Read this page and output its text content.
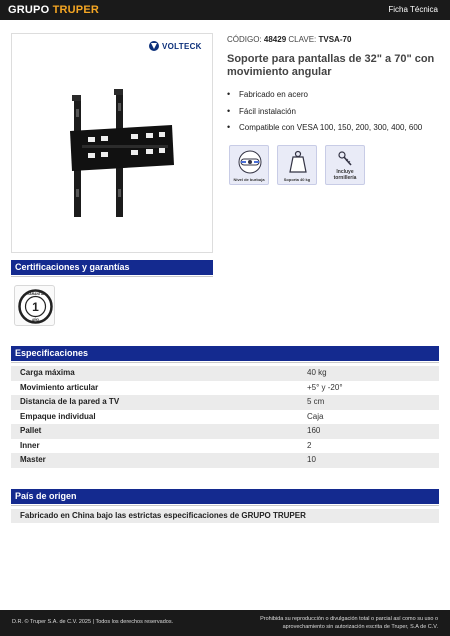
GRUPO TRUPER	Ficha Técnica
VOLTECK
CÓDIGO: 48429 CLAVE: TVSA-70
Soporte para pantallas de 32" a 70" con movimiento angular
• Fabricado en acero
• Fácil instalación
• Compatible con VESA 100, 150, 200, 300, 400, 600
Nivel de burbuja	Soporta 40 kg
Incluye
tornillería
Certificaciones y garantías
1
GARANTÍA
AÑO
Especificaciones
Carga máxima	40 kg
Movimiento articular	+5° y -20°
Distancia de la pared a TV	5 cm
Empaque individual	Caja
Pallet	160
Inner	2
Master	10
País de origen
Fabricado en China bajo las estrictas especificaciones de GRUPO TRUPER
D.R. © Truper S.A. de C.V. 2025 | Todos los derechos reservados.	Prohibida su reproducción o divulgación total o parcial así como su uso o aprovechamiento sin autorización escrita de Truper, S.A de C.V.
